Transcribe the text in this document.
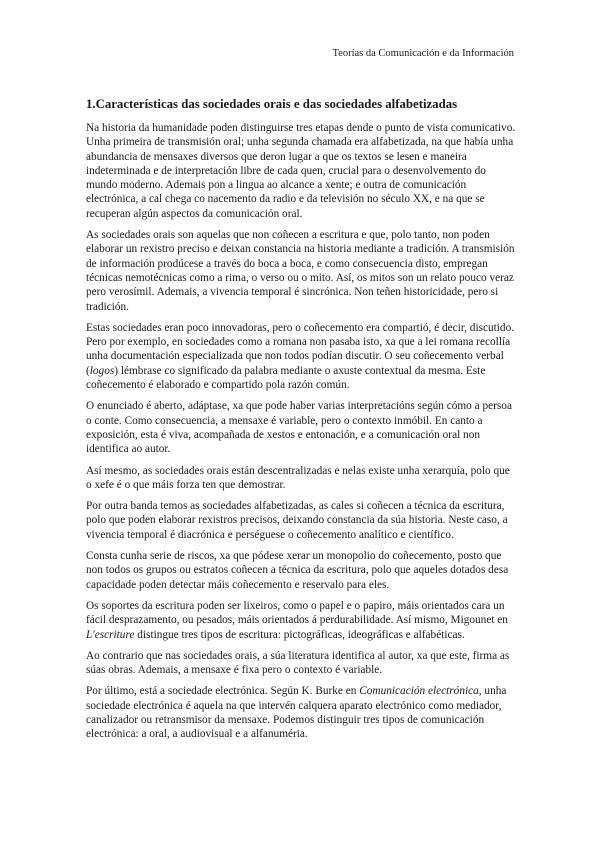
Teorías da Comunicación e da Información
1.Características das sociedades orais e das sociedades alfabetizadas

Na historia da humanidade poden distinguirse tres etapas dende o punto de vista comunicativo. Unha primeira de transmisión oral; unha segunda chamada era alfabetizada, na que había unha abundancia de mensaxes diversos que deron lugar a que os textos se lesen e maneira indeterminada e de interpretación libre de cada quen, crucial para o desenvolvemento do mundo moderno. Ademais pon a lingua ao alcance a xente; e outra de comunicación electrónica, a cal chega co nacemento da radio e da televisión no século XX, e na que se recuperan algún aspectos da comunicación oral.

As sociedades orais son aquelas que non coñecen a escritura e que, polo tanto, non poden elaborar un rexistro preciso e deixan constancia na historia mediante a tradición. A transmisión de información prodúcese a través do boca a boca, e como consecuencia disto, empregan técnicas nemotécnicas como a rima, o verso ou o mito. Así, os mitos son un relato pouco veraz pero verosímil. Ademais, a vivencia temporal é sincrónica. Non teñen historicidade, pero si tradición.

Estas sociedades eran poco innovadoras, pero o coñecemento era compartió, é decir, discutido. Pero por exemplo, en sociedades como a romana non pasaba isto, xa que a lei romana recollía unha documentación especializada que non todos podían discutir. O seu coñecemento verbal (logos) lémbrase co significado da palabra mediante o axuste contextual da mesma. Este coñecemento é elaborado e compartido pola razón común.

O enunciado é aberto, adáptase, xa que pode haber varias interpretacións según cómo a persoa o conte. Como consecuencia, a mensaxe é variable, pero o contexto inmóbil. En canto a exposición, esta é viva, acompañada de xestos e entonación, e a comunicación oral non identifica ao autor.

Así mesmo, as sociedades orais están descentralizadas e nelas existe unha xerarquía, polo que o xefe é o que máis forza ten que demostrar.

Por outra banda temos as sociedades alfabetizadas, as cales si coñecen a técnica da escritura, polo que poden elaborar rexistros precisos, deixando constancia da súa historia. Neste caso, a vivencia temporal é diacrónica e perséguese o coñecemento analítico e científico.

Consta cunha serie de riscos, xa que pódese xerar un monopolio do coñecemento, posto que non todos os grupos ou estratos coñecen a técnica da escritura, polo que aqueles dotados desa capacidade poden detectar máis coñecemento e reservalo para eles.

Os soportes da escritura poden ser lixeiros, como o papel e o papiro, máis orientados cara un fácil desprazamento, ou pesados, máis orientados á perdurabilidade. Así mismo, Migounet en L'escriture distingue tres tipos de escritura: pictográficas, ideográficas e alfabéticas.

Ao contrario que nas sociedades orais, a súa literatura identifica al autor, xa que este, firma as súas obras. Ademais, a mensaxe é fixa pero o contexto é variable.

Por último, está a sociedade electrónica. Según K. Burke en Comunicación electrónica, unha sociedade electrónica é aquela na que intervén calquera aparato electrónico como mediador, canalizador ou retransmisor da mensaxe. Podemos distinguir tres tipos de comunicación electrónica: a oral, a audiovisual e a alfanuméria.
